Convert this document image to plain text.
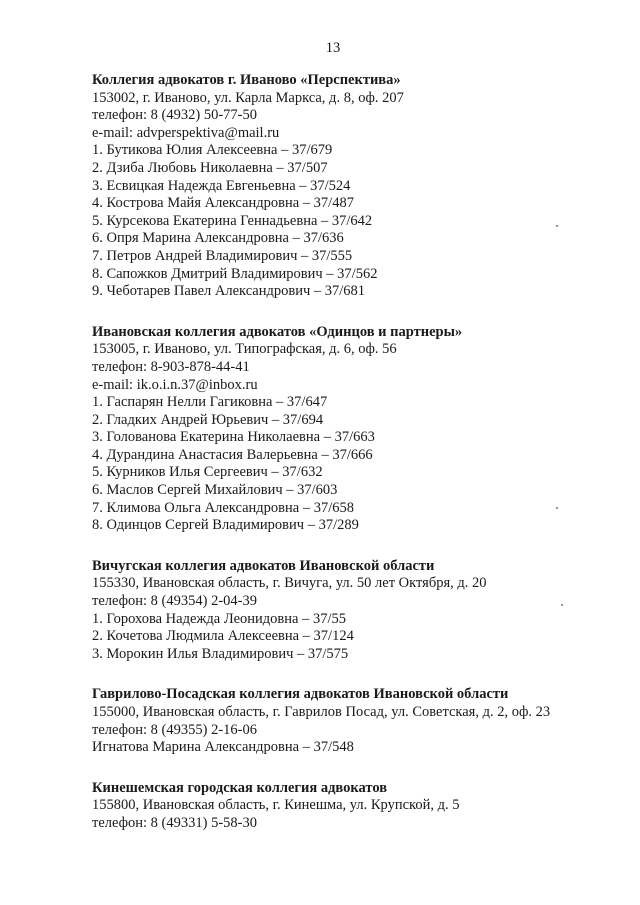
13
Коллегия адвокатов г. Иваново «Перспектива»
153002, г. Иваново, ул. Карла Маркса, д. 8, оф. 207
телефон: 8 (4932) 50-77-50
e-mail: advperspektiva@mail.ru
1. Бутикова Юлия Алексеевна – 37/679
2. Дзиба Любовь Николаевна – 37/507
3. Есвицкая Надежда Евгеньевна – 37/524
4. Кострова Майя Александровна – 37/487
5. Курсекова Екатерина Геннадьевна – 37/642
6. Опря Марина Александровна – 37/636
7. Петров Андрей Владимирович – 37/555
8. Сапожков Дмитрий Владимирович – 37/562
9. Чеботарев Павел Александрович – 37/681
Ивановская коллегия адвокатов «Одинцов и партнеры»
153005, г. Иваново, ул. Типографская, д. 6, оф. 56
телефон: 8-903-878-44-41
e-mail: ik.o.i.n.37@inbox.ru
1. Гаспарян Нелли Гагиковна – 37/647
2. Гладких Андрей Юрьевич – 37/694
3. Голованова Екатерина Николаевна – 37/663
4. Дурандина Анастасия Валерьевна – 37/666
5. Курников Илья Сергеевич – 37/632
6. Маслов Сергей Михайлович – 37/603
7. Климова Ольга Александровна – 37/658
8. Одинцов Сергей Владимирович – 37/289
Вичугская коллегия адвокатов Ивановской области
155330, Ивановская область, г. Вичуга, ул. 50 лет Октября, д. 20
телефон: 8 (49354) 2-04-39
1. Горохова Надежда Леонидовна – 37/55
2. Кочетова Людмила Алексеевна – 37/124
3. Морокин Илья Владимирович – 37/575
Гаврилово-Посадская коллегия адвокатов Ивановской области
155000, Ивановская область, г. Гаврилов Посад, ул. Советская, д. 2, оф. 23
телефон: 8 (49355) 2-16-06
Игнатова Марина Александровна – 37/548
Кинешемская городская коллегия адвокатов
155800, Ивановская область, г. Кинешма, ул. Крупской, д. 5
телефон: 8 (49331) 5-58-30
